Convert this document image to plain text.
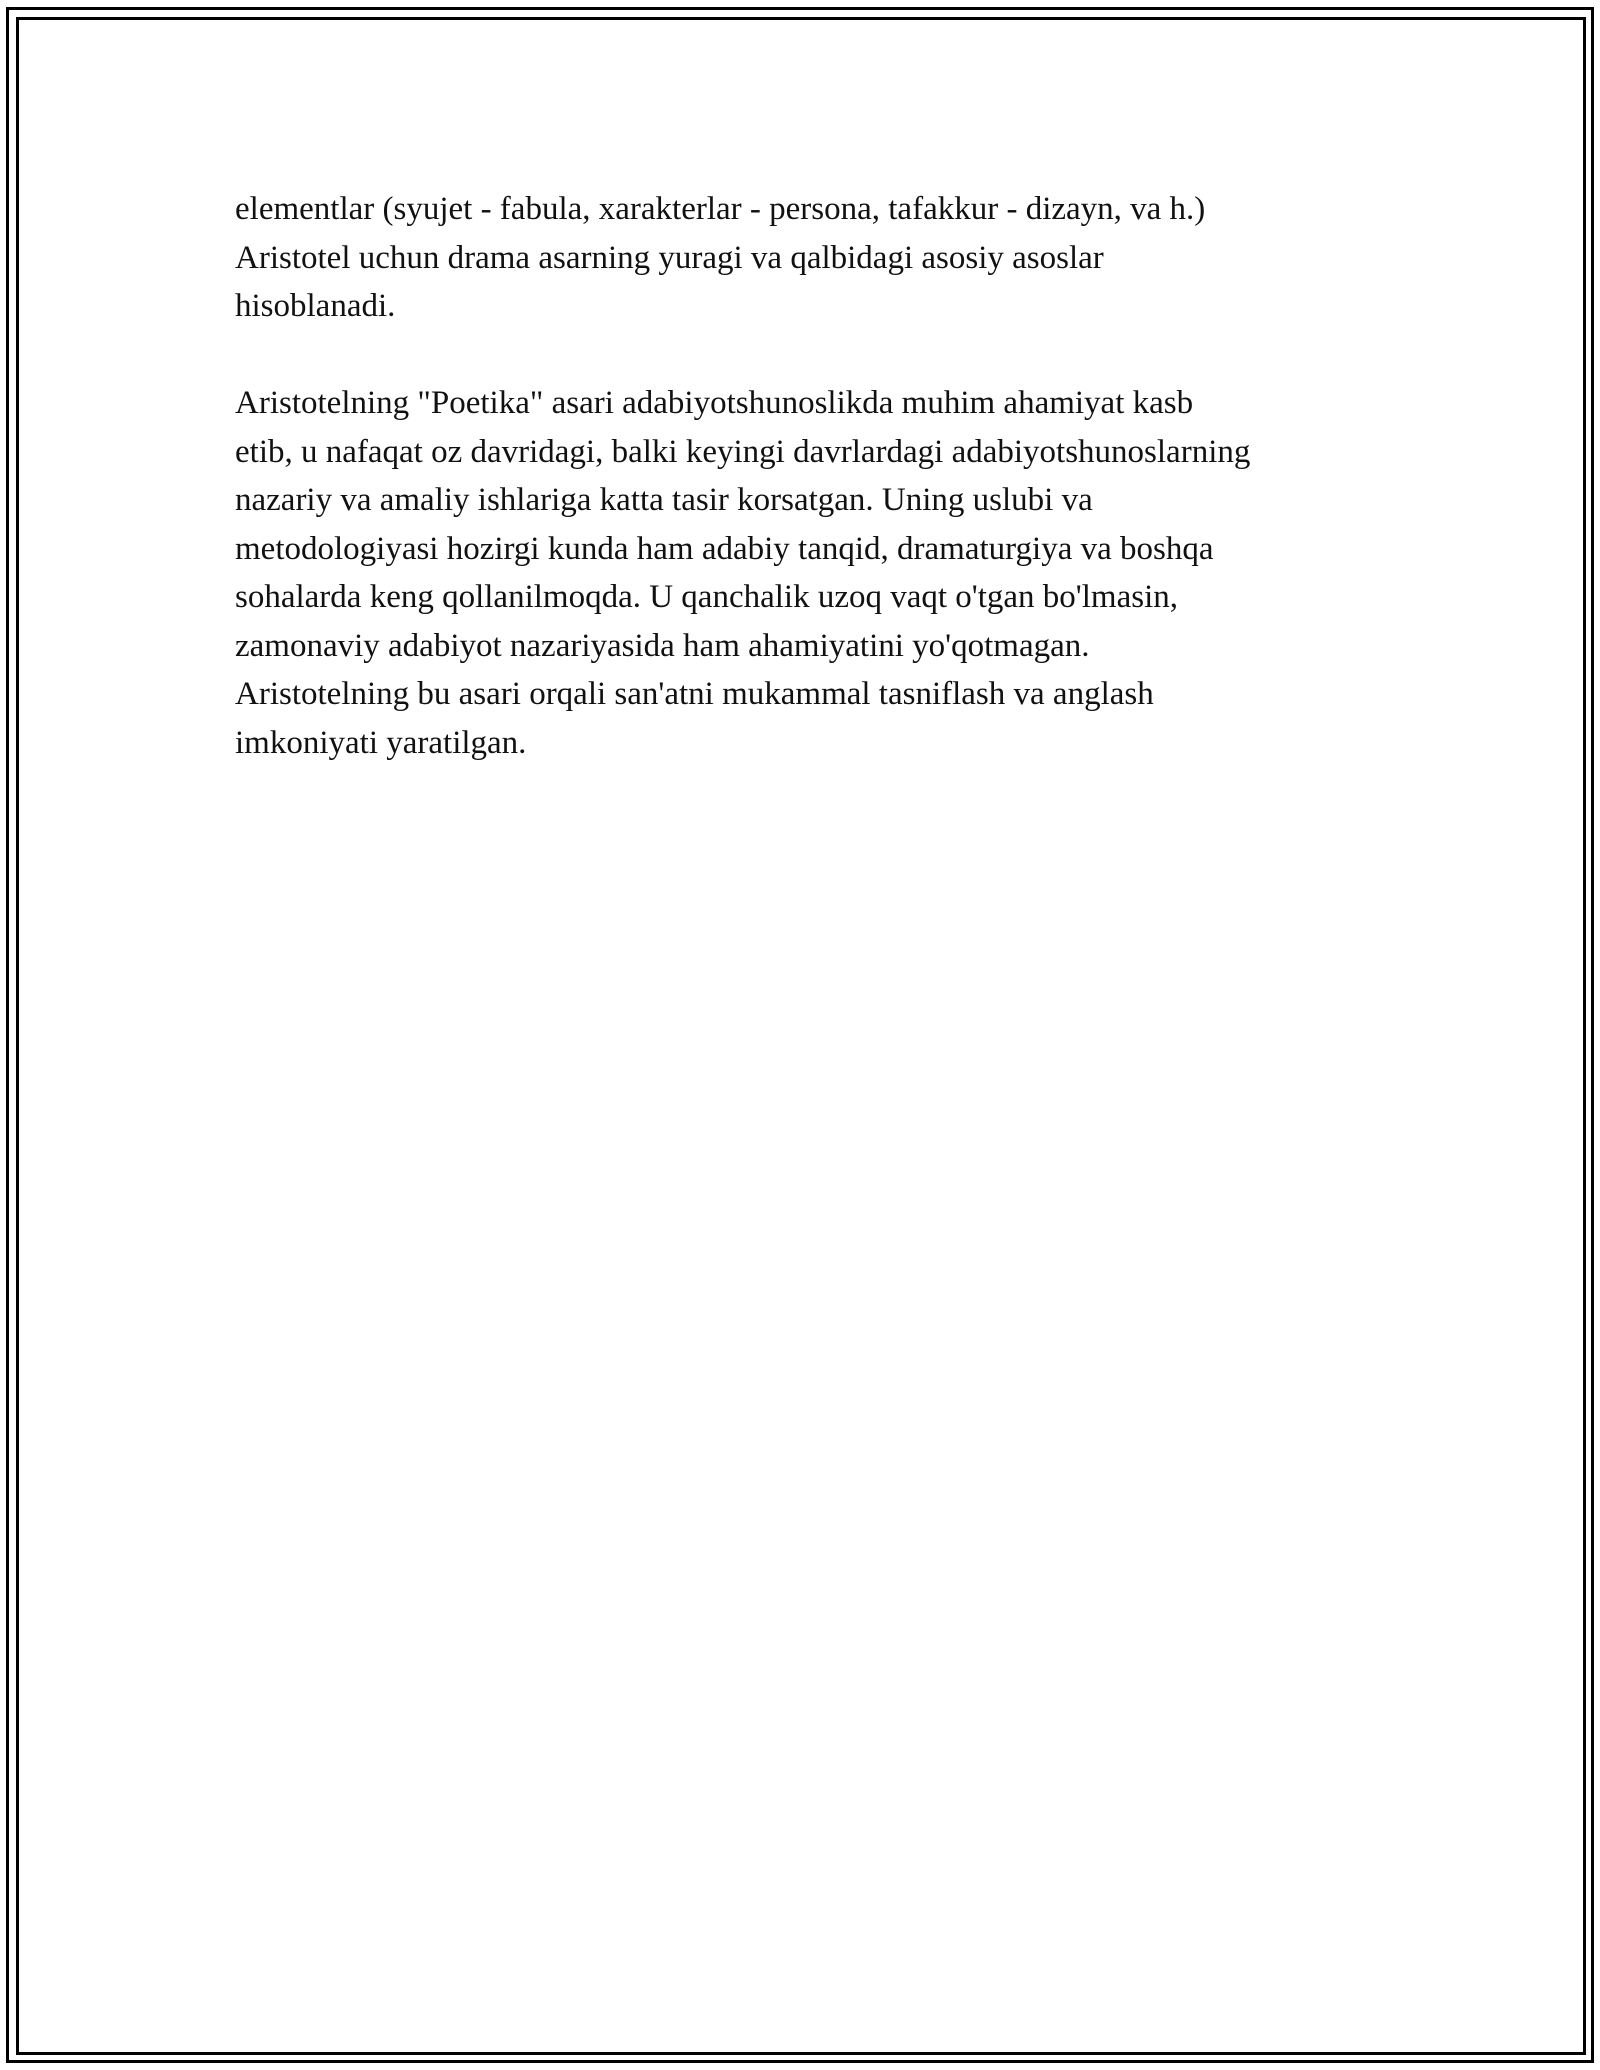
elementlar (syujet - fabula, xarakterlar - persona, tafakkur - dizayn, va h.)
Aristotel uchun drama asarning yuragi va qalbidagi asosiy asoslar
hisoblanadi.

Aristotelning "Poetika" asari adabiyotshunoslikda muhim ahamiyat kasb
etib, u nafaqat oz davridagi, balki keyingi davrlardagi adabiyotshunoslarning
nazariy va amaliy ishlariga katta tasir korsatgan. Uning uslubi va
metodologiyasi hozirgi kunda ham adabiy tanqid, dramaturgiya va boshqa
sohalarda keng qollanilmoqda. U qanchalik uzoq vaqt o'tgan bo'lmasin,
zamonaviy adabiyot nazariyasida ham ahamiyatini yo'qotmagan.
Aristotelning bu asari orqali san'atni mukammal tasniflash va anglash
imkoniyati yaratilgan.
